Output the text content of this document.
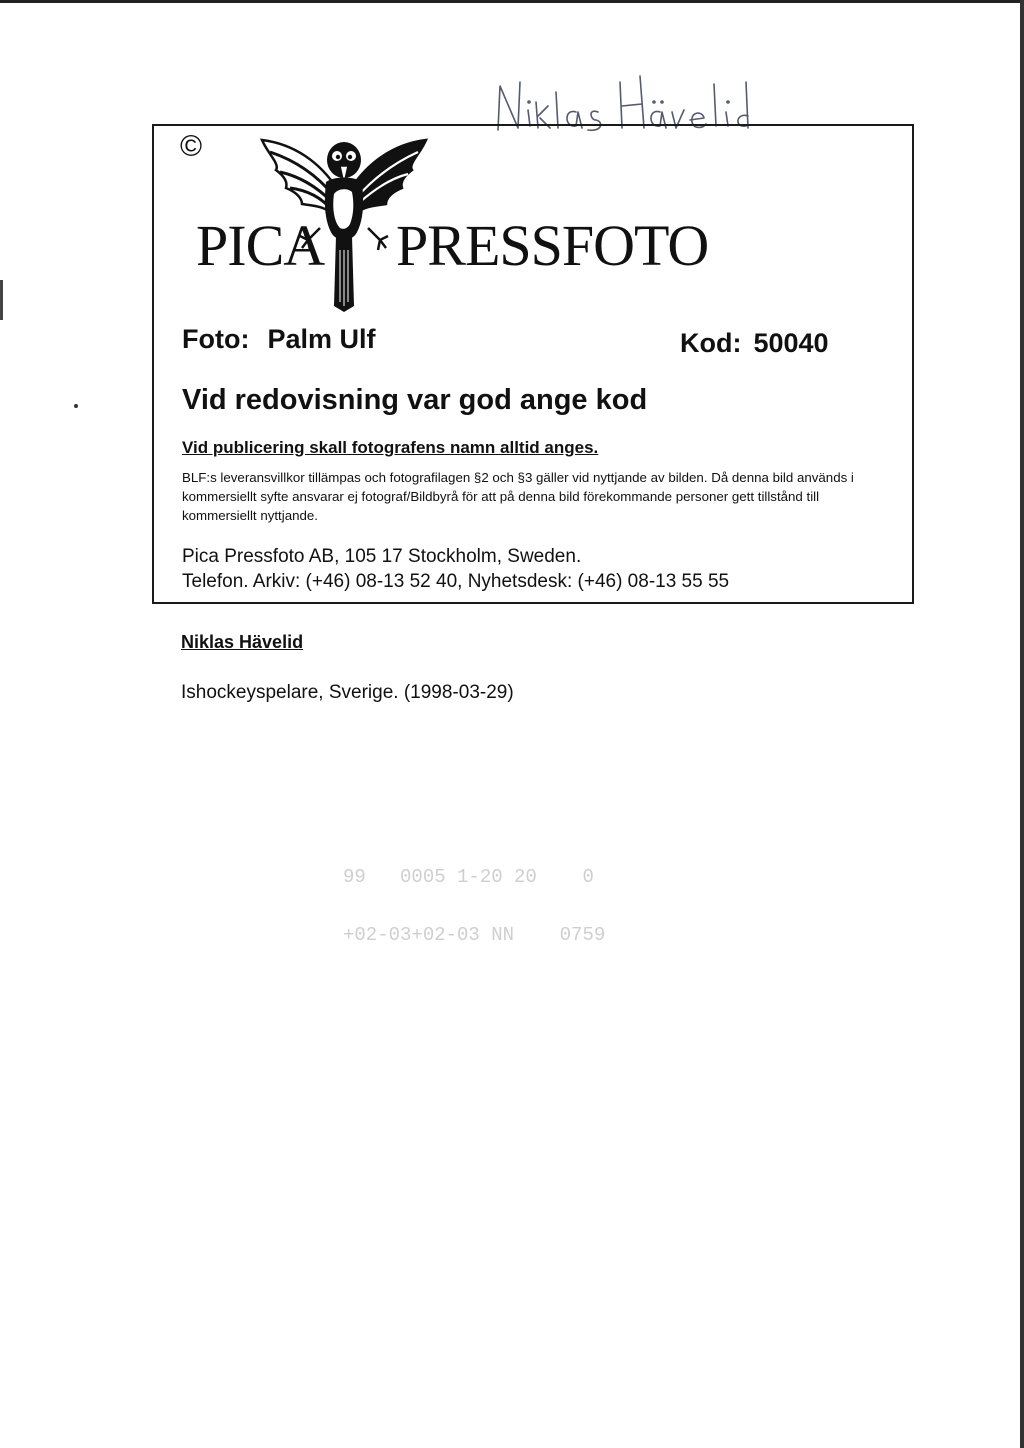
©
PICA PRESSFOTO
Foto: Palm Ulf	Kod: 50040
Vid redovisning var god ange kod
Vid publicering skall fotografens namn alltid anges.
BLF:s leveransvillkor tillämpas och fotografilagen §2 och §3 gäller vid nyttjande av bilden. Då denna bild används i kommersiellt syfte ansvarar ej fotograf/Bildbyrå för att på denna bild förekommande personer gett tillstånd till kommersiellt nyttjande.
Pica Pressfoto AB, 105 17 Stockholm, Sweden.
Telefon. Arkiv: (+46) 08-13 52 40, Nyhetsdesk: (+46) 08-13 55 55
Niklas Hävelid
Ishockeyspelare, Sverige. (1998-03-29)
99   0005 1-20 20    0
+02-03+02-03 NN    0759
